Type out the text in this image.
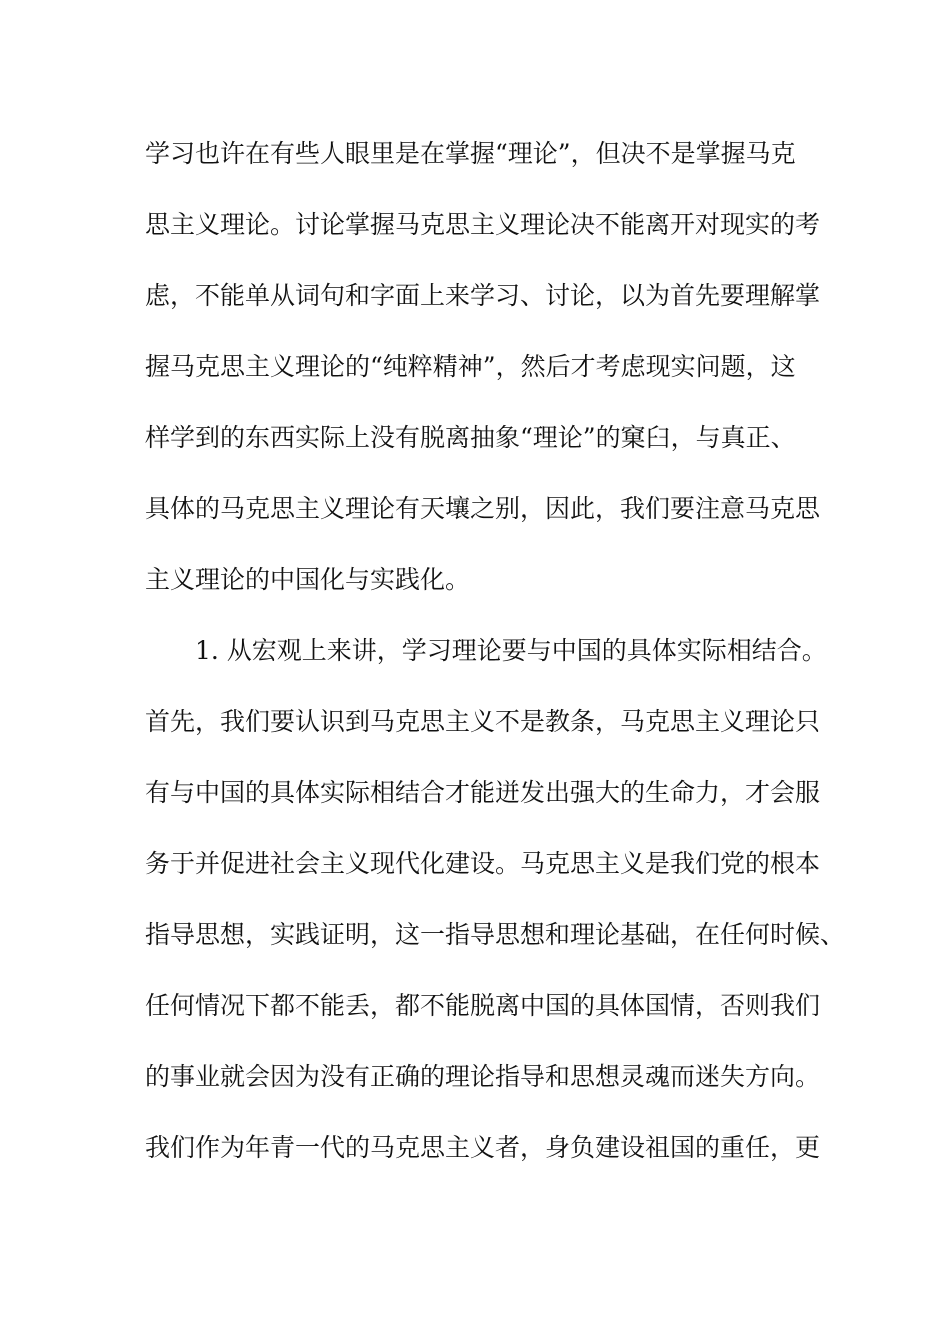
学习也许在有些人眼里是在掌握“理论”，但决不是掌握马克
思主义理论。讨论掌握马克思主义理论决不能离开对现实的考
虑，不能单从词句和字面上来学习、讨论，以为首先要理解掌
握马克思主义理论的“纯粹精神”，然后才考虑现实问题，这
样学到的东西实际上没有脱离抽象“理论”的窠臼，与真正、
具体的马克思主义理论有天壤之别，因此，我们要注意马克思
主义理论的中国化与实践化。
1. 从宏观上来讲，学习理论要与中国的具体实际相结合。
首先，我们要认识到马克思主义不是教条，马克思主义理论只
有与中国的具体实际相结合才能迸发出强大的生命力，才会服
务于并促进社会主义现代化建设。马克思主义是我们党的根本
指导思想，实践证明，这一指导思想和理论基础，在任何时候、
任何情况下都不能丢，都不能脱离中国的具体国情，否则我们
的事业就会因为没有正确的理论指导和思想灵魂而迷失方向。
我们作为年青一代的马克思主义者，身负建设祖国的重任，更
